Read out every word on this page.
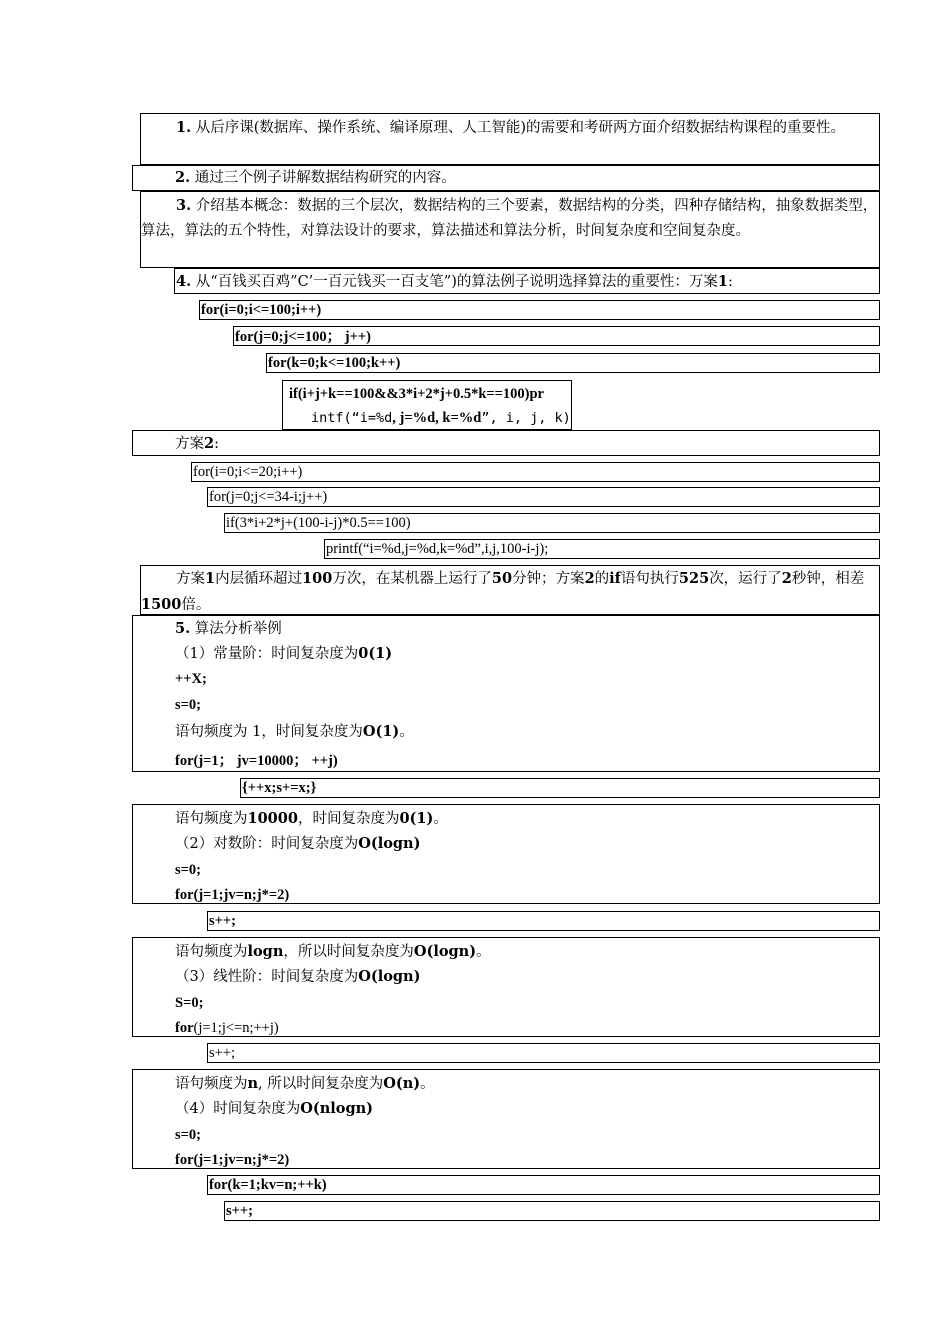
1. 从后序课(数据库、操作系统、编译原理、人工智能)的需要和考研两方面介绍数据结构课程的重要性。
2. 通过三个例子讲解数据结构研究的内容。
3. 介绍基本概念：数据的三个层次，数据结构的三个要素，数据结构的分类，四种存储结构，抽象数据类型，算法，算法的五个特性，对算法设计的要求，算法描述和算法分析，时间复杂度和空间复杂度。
4. 从“百钱买百鸡”C’一百元钱买一百支笔”)的算法例子说明选择算法的重要性：万案1:
for(i=0;i<=100;i++)
for(j=0;j<=100； j++)
for(k=0;k<=100;k++)
if(i+j+k==100&&3*i+2*j+0.5*k==100)pr
intf(“i=%d, j=%d, k=%d”, i, j, k)
方案2:
for(i=0;i<=20;i++)
for(j=0;j<=34-i;j++)
if(3*i+2*j+(100-i-j)*0.5==100)
printf(“i=%d,j=%d,k=%d”,i,j,100-i-j);
方案1内层循环超过100万次，在某机器上运行了50分钟；方案2的if语句执行525次，运行了2秒钟，相差1500倍。
5. 算法分析举例
（1）常量阶：时间复杂度为0(1)
++X;
s=0;
语句频度为 1，时间复杂度为O(1)。
for(j=1； jv=10000； ++j)
{++x;s+=x;}
语句频度为10000，时间复杂度为0(1)。
（2）对数阶：时间复杂度为O(logn)
s=0;
for(j=1;jv=n;j*=2)
s++;
语句频度为logn，所以时间复杂度为O(logn)。
（3）线性阶：时间复杂度为O(logn)
S=0;
for(j=1;j<=n;++j)
s++;
语句频度为n, 所以时间复杂度为O(n)。
（4）时间复杂度为O(nlogn)
s=0;
for(j=1;jv=n;j*=2)
for(k=1;kv=n;++k)
s++;
